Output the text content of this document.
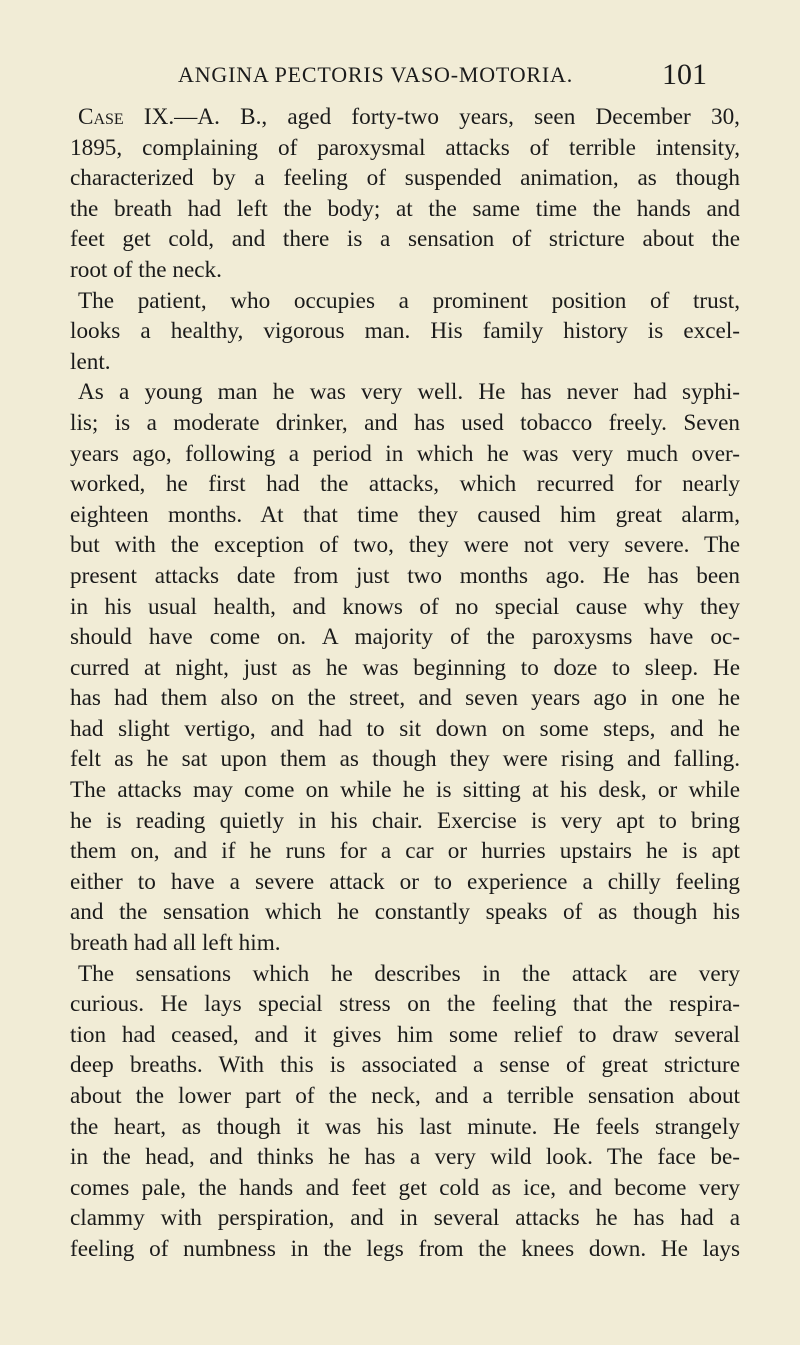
ANGINA PECTORIS VASO-MOTORIA.	101

Case IX.—A. B., aged forty-two years, seen December 30,
1895, complaining of paroxysmal attacks of terrible intensity,
characterized by a feeling of suspended animation, as though
the breath had left the body; at the same time the hands and
feet get cold, and there is a sensation of stricture about the
root of the neck.

The patient, who occupies a prominent position of trust,
looks a healthy, vigorous man. His family history is excel-
lent.

As a young man he was very well. He has never had syphi-
lis; is a moderate drinker, and has used tobacco freely. Seven
years ago, following a period in which he was very much over-
worked, he first had the attacks, which recurred for nearly
eighteen months. At that time they caused him great alarm,
but with the exception of two, they were not very severe. The
present attacks date from just two months ago. He has been
in his usual health, and knows of no special cause why they
should have come on. A majority of the paroxysms have oc-
curred at night, just as he was beginning to doze to sleep. He
has had them also on the street, and seven years ago in one he
had slight vertigo, and had to sit down on some steps, and he
felt as he sat upon them as though they were rising and falling.
The attacks may come on while he is sitting at his desk, or while
he is reading quietly in his chair. Exercise is very apt to bring
them on, and if he runs for a car or hurries upstairs he is apt
either to have a severe attack or to experience a chilly feeling
and the sensation which he constantly speaks of as though his
breath had all left him.

The sensations which he describes in the attack are very
curious. He lays special stress on the feeling that the respira-
tion had ceased, and it gives him some relief to draw several
deep breaths. With this is associated a sense of great stricture
about the lower part of the neck, and a terrible sensation about
the heart, as though it was his last minute. He feels strangely
in the head, and thinks he has a very wild look. The face be-
comes pale, the hands and feet get cold as ice, and become very
clammy with perspiration, and in several attacks he has had a
feeling of numbness in the legs from the knees down. He lays
